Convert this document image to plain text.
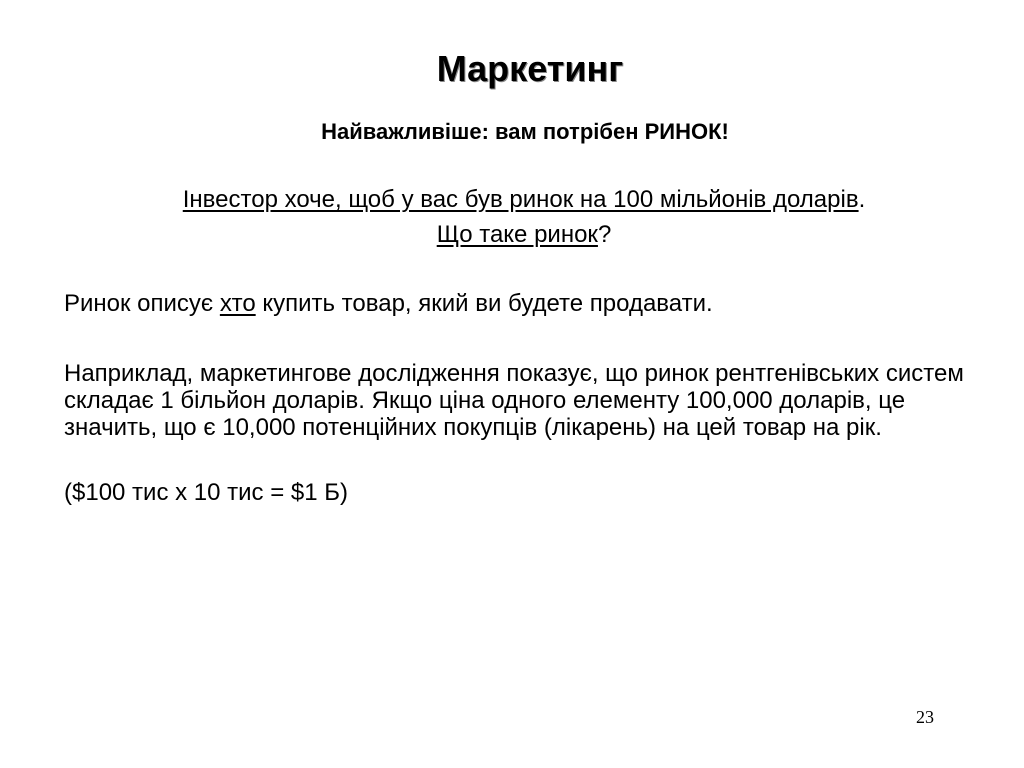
Маркетинг

Найважливіше: вам потрібен РИНОК!

Інвестор хоче, щоб у вас був ринок на 100 мільйонів доларів.

Що таке ринок?

Ринок описує хто купить товар, який ви будете продавати.

Наприклад, маркетингове дослідження показує, що ринок рентгенівських систем складає 1 більйон доларів. Якщо ціна одного елементу 100,000 доларів, це значить, що є 10,000 потенційних покупців (лікарень) на цей товар на рік.

($100 тис х 10 тис = $1 Б)

23
